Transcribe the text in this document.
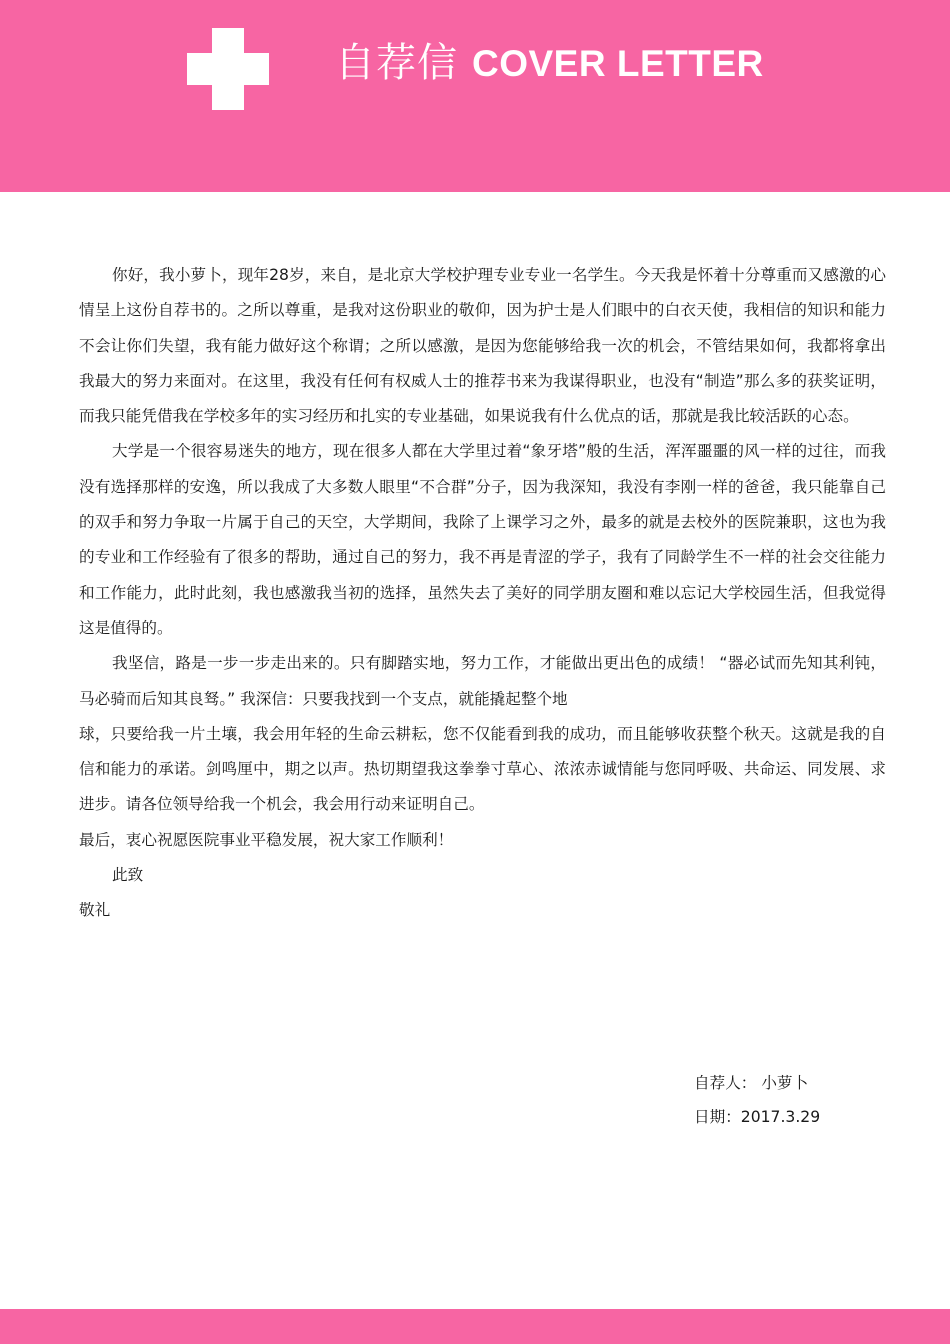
自荐信 COVER LETTER

你好，我小萝卜，现年28岁，来自，是北京大学校护理专业专业一名学生。今天我是怀着十分尊重而又感激的心情呈上这份自荐书的。之所以尊重，是我对这份职业的敬仰，因为护士是人们眼中的白衣天使，我相信的知识和能力不会让你们失望，我有能力做好这个称谓；之所以感激，是因为您能够给我一次的机会，不管结果如何，我都将拿出我最大的努力来面对。在这里，我没有任何有权威人士的推荐书来为我谋得职业，也没有“制造”那么多的获奖证明，而我只能凭借我在学校多年的实习经历和扎实的专业基础，如果说我有什么优点的话，那就是我比较活跃的心态。

大学是一个很容易迷失的地方，现在很多人都在大学里过着“象牙塔”般的生活，浑浑噩噩的风一样的过往，而我没有选择那样的安逸，所以我成了大多数人眼里“不合群”分子，因为我深知，我没有李刚一样的爸爸，我只能靠自己的双手和努力争取一片属于自己的天空，大学期间，我除了上课学习之外，最多的就是去校外的医院兼职，这也为我的专业和工作经验有了很多的帮助，通过自己的努力，我不再是青涩的学子，我有了同龄学生不一样的社会交往能力和工作能力，此时此刻，我也感激我当初的选择，虽然失去了美好的同学朋友圈和难以忘记大学校园生活，但我觉得这是值得的。

我坚信，路是一步一步走出来的。只有脚踏实地，努力工作，才能做出更出色的成绩！ “器必试而先知其利钝，马必骑而后知其良驽。” 我深信：只要我找到一个支点，就能撬起整个地

球，只要给我一片土壤，我会用年轻的生命云耕耘，您不仅能看到我的成功，而且能够收获整个秋天。这就是我的自信和能力的承诺。剑鸣厘中，期之以声。热切期望我这拳拳寸草心、浓浓赤诚情能与您同呼吸、共命运、同发展、求进步。请各位领导给我一个机会，我会用行动来证明自己。

最后，衷心祝愿医院事业平稳发展，祝大家工作顺利！

此致

敬礼

自荐人： 小萝卜
日期：2017.3.29
